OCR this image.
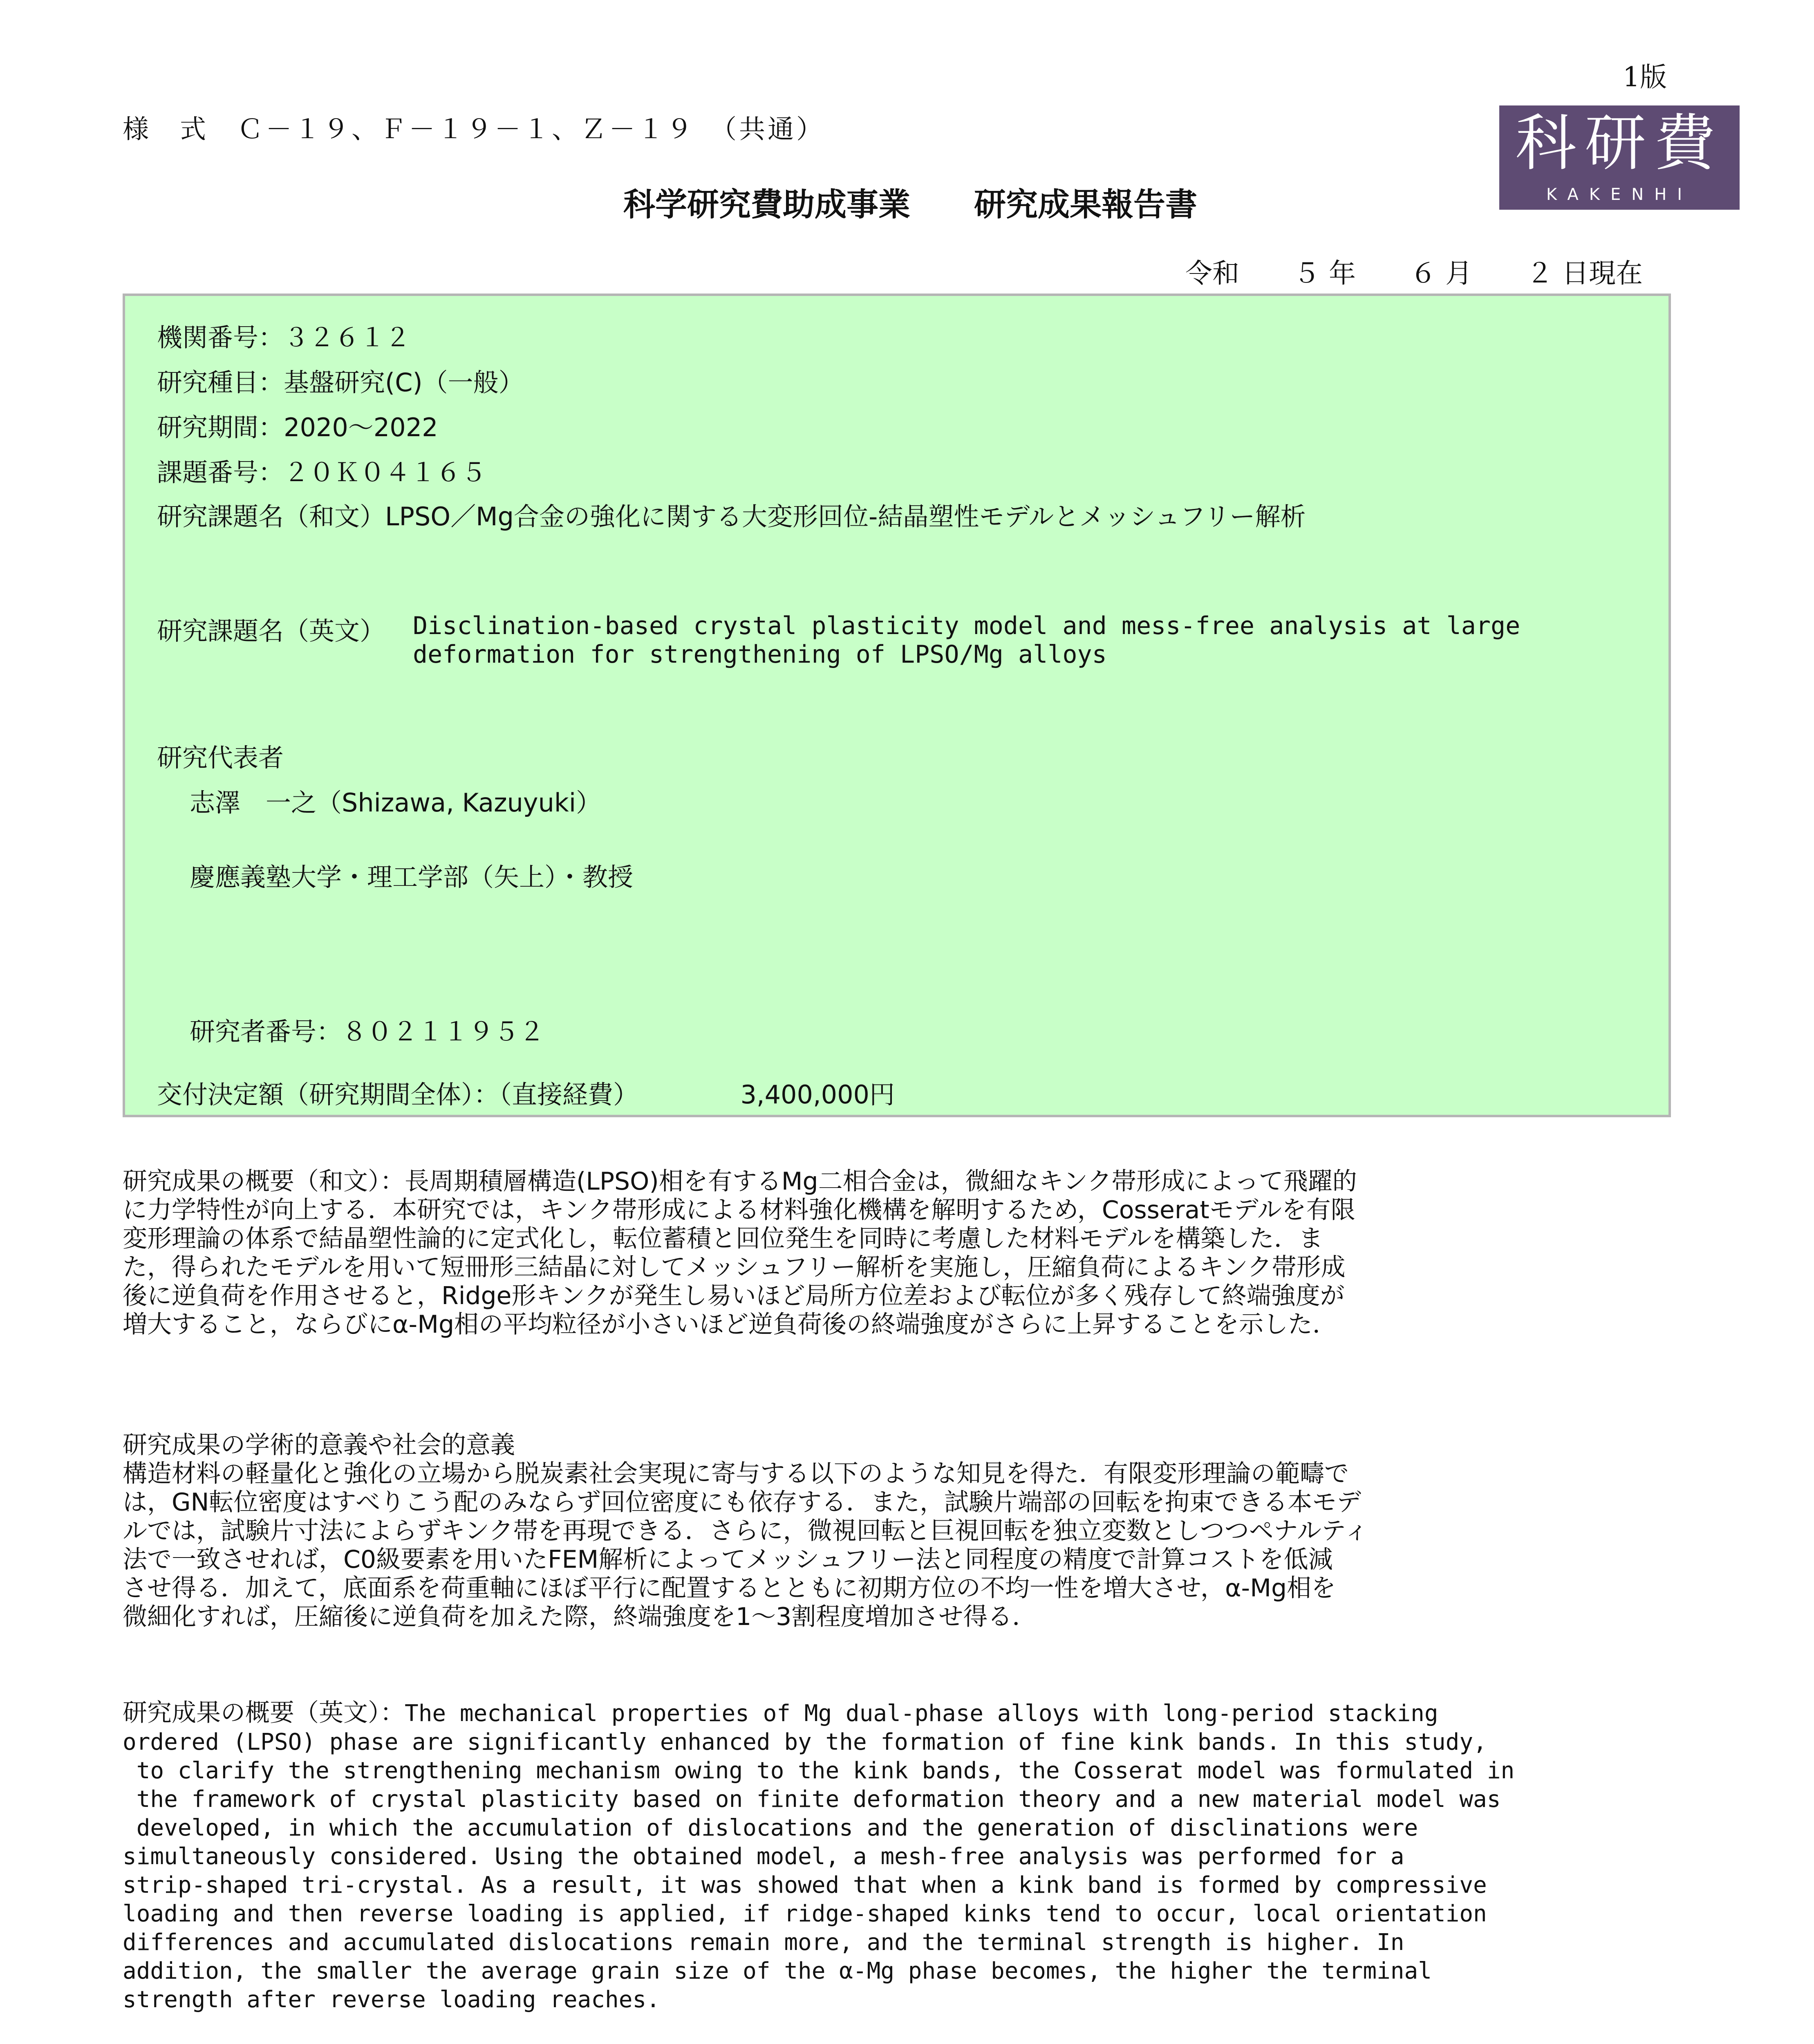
1版
様　式　Ｃ－１９、Ｆ－１９－１、Ｚ－１９　（共通）	科研費
KAKENHI
科学研究費助成事業　　研究成果報告書
令和　　５ 年　　６ 月　　２ 日現在
機関番号：３２６１２
研究種目：基盤研究(C)（一般）
研究期間：2020～2022
課題番号：２０Ｋ０４１６５
研究課題名（和文）LPSO／Mg合金の強化に関する大変形回位-結晶塑性モデルとメッシュフリー解析
研究課題名（英文） Disclination-based crystal plasticity model and mess-free analysis at large
deformation for strengthening of LPSO/Mg alloys
研究代表者
志澤　一之（Shizawa, Kazuyuki）
慶應義塾大学・理工学部（矢上）・教授
研究者番号：８０２１１９５２
交付決定額（研究期間全体）：（直接経費）	3,400,000円
研究成果の概要（和文）：長周期積層構造(LPSO)相を有するMg二相合金は，微細なキンク帯形成によって飛躍的
に力学特性が向上する．本研究では，キンク帯形成による材料強化機構を解明するため，Cosseratモデルを有限
変形理論の体系で結晶塑性論的に定式化し，転位蓄積と回位発生を同時に考慮した材料モデルを構築した．ま
た，得られたモデルを用いて短冊形三結晶に対してメッシュフリー解析を実施し，圧縮負荷によるキンク帯形成
後に逆負荷を作用させると，Ridge形キンクが発生し易いほど局所方位差および転位が多く残存して終端強度が
増大すること，ならびにα-Mg相の平均粒径が小さいほど逆負荷後の終端強度がさらに上昇することを示した．
研究成果の学術的意義や社会的意義
構造材料の軽量化と強化の立場から脱炭素社会実現に寄与する以下のような知見を得た．有限変形理論の範疇で
は，GN転位密度はすべりこう配のみならず回位密度にも依存する．また，試験片端部の回転を拘束できる本モデ
ルでは，試験片寸法によらずキンク帯を再現できる．さらに，微視回転と巨視回転を独立変数としつつペナルティ
法で一致させれば，C0級要素を用いたFEM解析によってメッシュフリー法と同程度の精度で計算コストを低減
させ得る．加えて，底面系を荷重軸にほぼ平行に配置するとともに初期方位の不均一性を増大させ，α-Mg相を
微細化すれば，圧縮後に逆負荷を加えた際，終端強度を1～3割程度増加させ得る．
研究成果の概要（英文）：The mechanical properties of Mg dual-phase alloys with long-period stacking
ordered (LPSO) phase are significantly enhanced by the formation of fine kink bands. In this study,
to clarify the strengthening mechanism owing to the kink bands, the Cosserat model was formulated in
the framework of crystal plasticity based on finite deformation theory and a new material model was
developed, in which the accumulation of dislocations and the generation of disclinations were
simultaneously considered. Using the obtained model, a mesh-free analysis was performed for a
strip-shaped tri-crystal. As a result, it was showed that when a kink band is formed by compressive
loading and then reverse loading is applied, if ridge-shaped kinks tend to occur, local orientation
differences and accumulated dislocations remain more, and the terminal strength is higher. In
addition, the smaller the average grain size of the α-Mg phase becomes, the higher the terminal
strength after reverse loading reaches.
